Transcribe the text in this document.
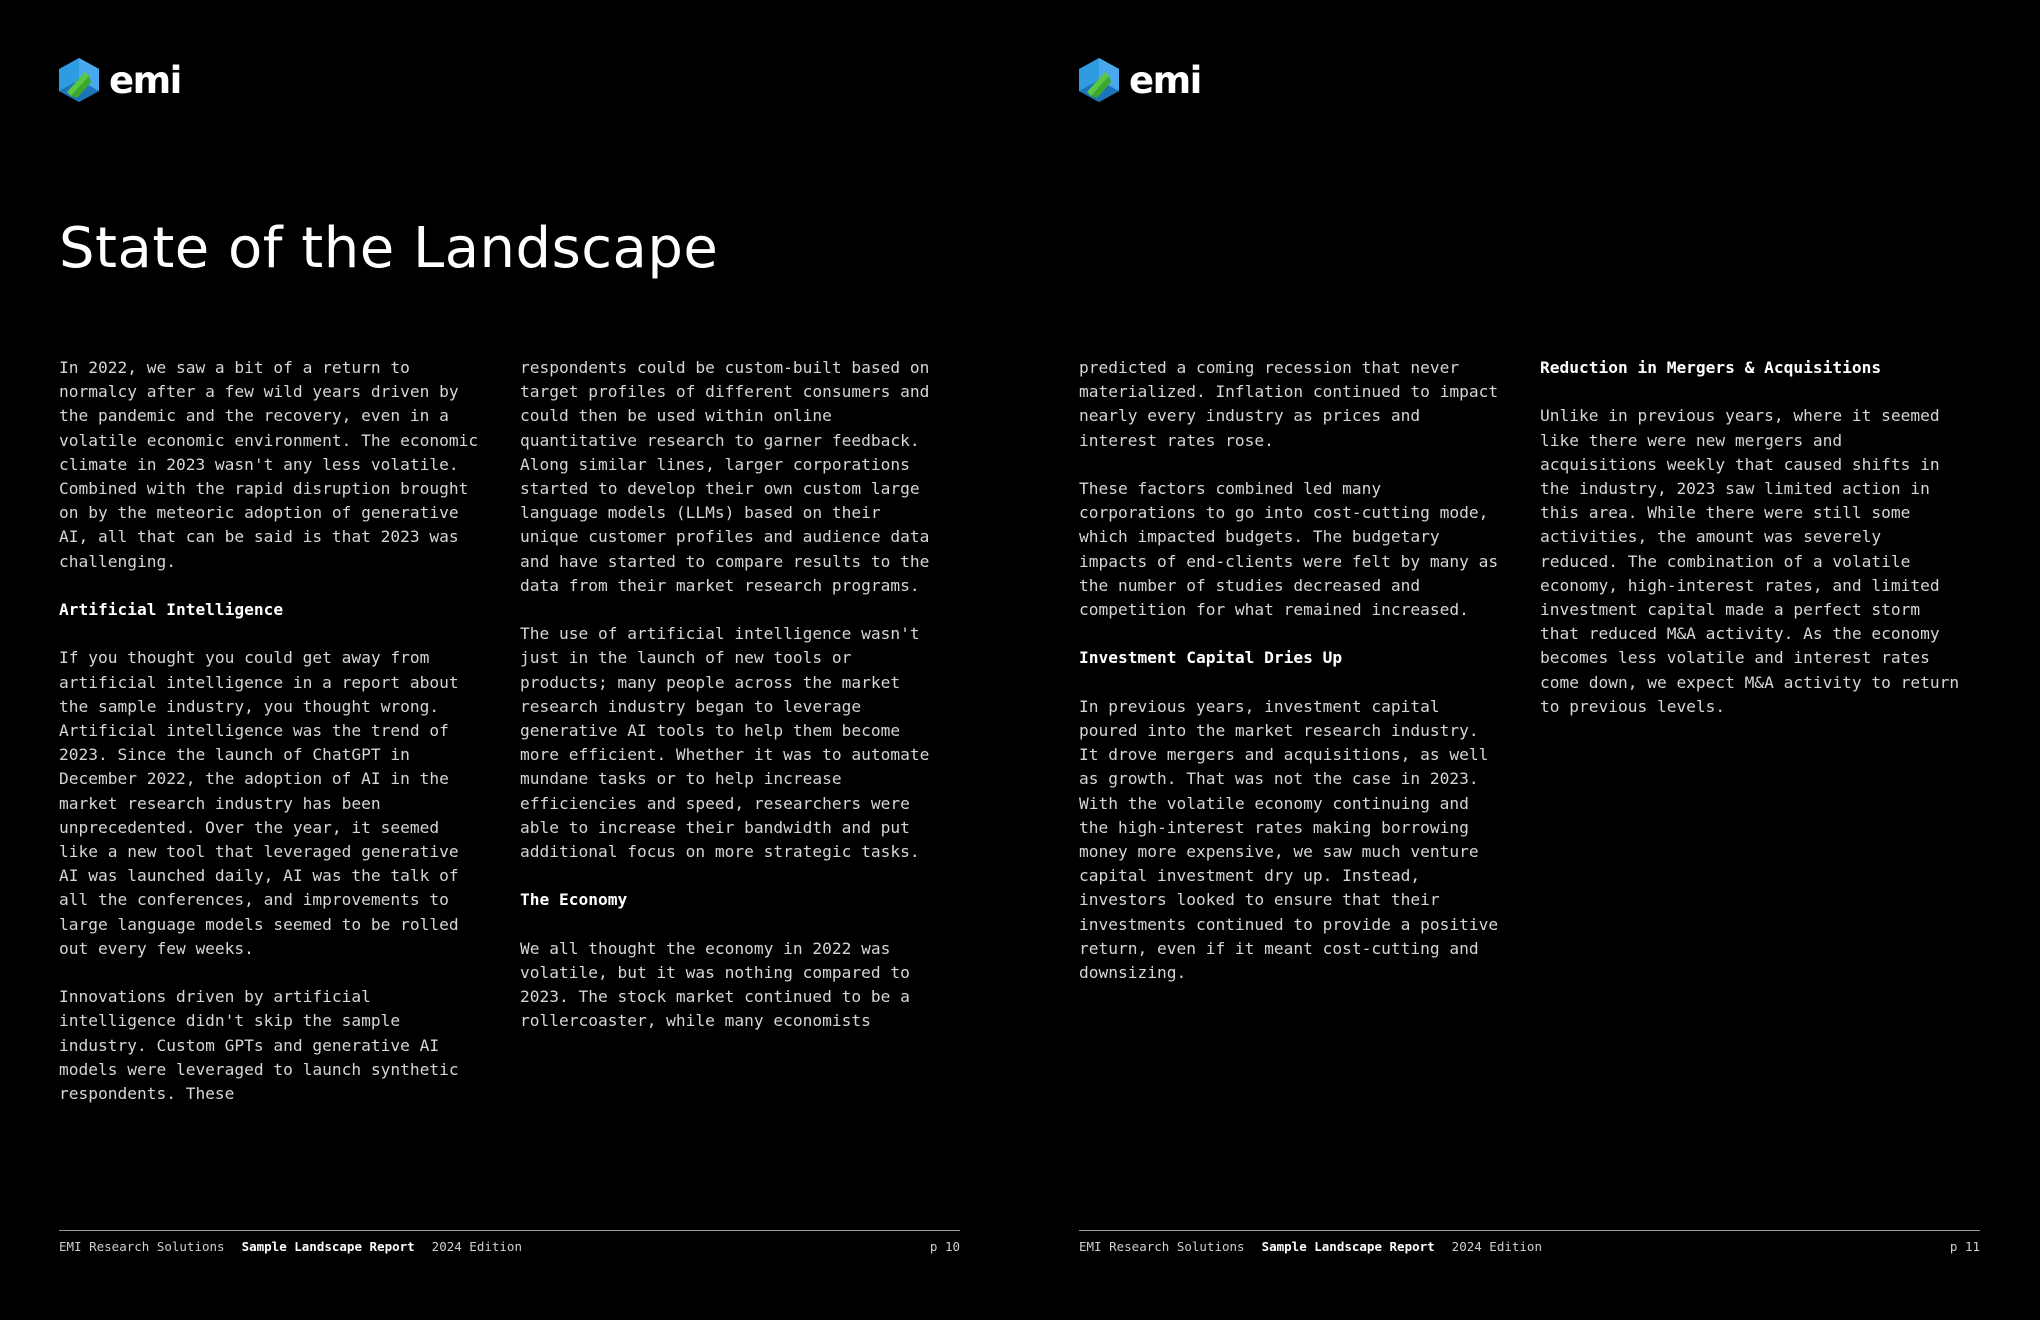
emi
State of the Landscape

In 2022, we saw a bit of a return to normalcy after a few wild years driven by the pandemic and the recovery, even in a volatile economic environment. The economic climate in 2023 wasn't any less volatile. Combined with the rapid disruption brought on by the meteoric adoption of generative AI, all that can be said is that 2023 was challenging.

Artificial Intelligence

If you thought you could get away from artificial intelligence in a report about the sample industry, you thought wrong. Artificial intelligence was the trend of 2023. Since the launch of ChatGPT in December 2022, the adoption of AI in the market research industry has been unprecedented. Over the year, it seemed like a new tool that leveraged generative AI was launched daily, AI was the talk of all the conferences, and improvements to large language models seemed to be rolled out every few weeks.

Innovations driven by artificial intelligence didn't skip the sample industry. Custom GPTs and generative AI models were leveraged to launch synthetic respondents. These

respondents could be custom-built based on target profiles of different consumers and could then be used within online quantitative research to garner feedback. Along similar lines, larger corporations started to develop their own custom large language models (LLMs) based on their unique customer profiles and audience data and have started to compare results to the data from their market research programs.

The use of artificial intelligence wasn't just in the launch of new tools or products; many people across the market research industry began to leverage generative AI tools to help them become more efficient. Whether it was to automate mundane tasks or to help increase efficiencies and speed, researchers were able to increase their bandwidth and put additional focus on more strategic tasks.

The Economy

We all thought the economy in 2022 was volatile, but it was nothing compared to 2023. The stock market continued to be a rollercoaster, while many economists

EMI Research Solutions Sample Landscape Report 2024 Edition	p 10
emi

predicted a coming recession that never materialized. Inflation continued to impact nearly every industry as prices and interest rates rose.

These factors combined led many corporations to go into cost-cutting mode, which impacted budgets. The budgetary impacts of end-clients were felt by many as the number of studies decreased and competition for what remained increased.

Investment Capital Dries Up

In previous years, investment capital poured into the market research industry. It drove mergers and acquisitions, as well as growth. That was not the case in 2023. With the volatile economy continuing and the high-interest rates making borrowing money more expensive, we saw much venture capital investment dry up. Instead, investors looked to ensure that their investments continued to provide a positive return, even if it meant cost-cutting and downsizing.

Reduction in Mergers & Acquisitions

Unlike in previous years, where it seemed like there were new mergers and acquisitions weekly that caused shifts in the industry, 2023 saw limited action in this area. While there were still some activities, the amount was severely reduced. The combination of a volatile economy, high-interest rates, and limited investment capital made a perfect storm that reduced M&A activity. As the economy becomes less volatile and interest rates come down, we expect M&A activity to return to previous levels.

EMI Research Solutions Sample Landscape Report 2024 Edition	p 11
